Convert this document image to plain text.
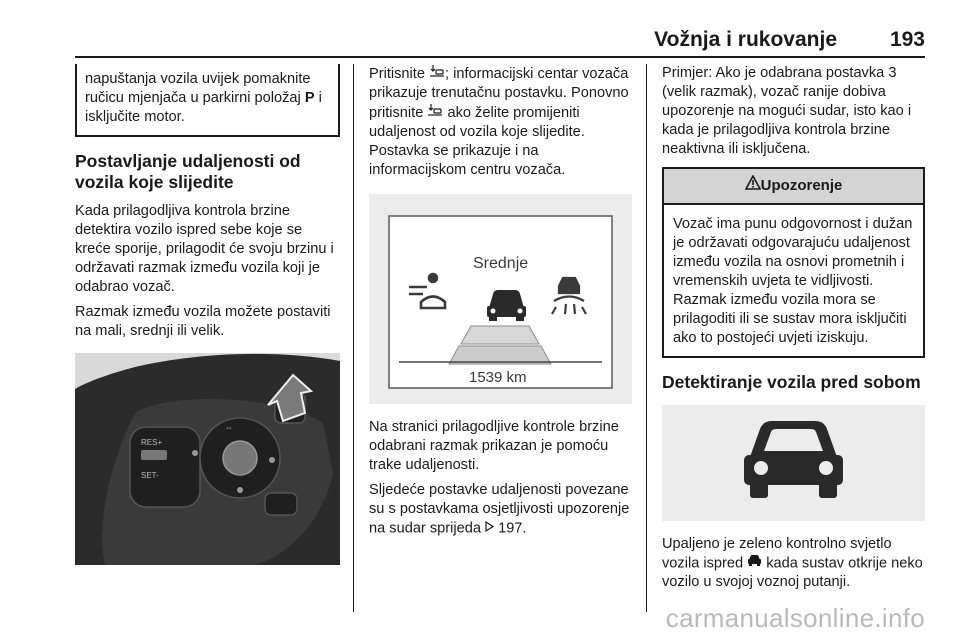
Vožnja i rukovanje	193
napuštanja vozila uvijek pomaknite ručicu mjenjača u parkirni položaj P i isključite motor.
Postavljanje udaljenosti od vozila koje slijedite

Kada prilagodljiva kontrola brzine detektira vozilo ispred sebe koje se kreće sporije, prilagodit će svoju brzinu i održavati razmak između vozila koji je odabrao vozač.

Razmak između vozila možete postaviti na mali, srednji ili velik.

RES+
SET-
⇔

Pritisnite ; informacijski centar vozača prikazuje trenutačnu postavku. Ponovno pritisnite  ako želite promijeniti udaljenost od vozila koje slijedite. Postavka se prikazuje i na informacijskom centru vozača.

Srednje
1539 km

Na stranici prilagodljive kontrole brzine odabrani razmak prikazan je pomoću trake udaljenosti.

Sljedeće postavke udaljenosti povezane su s postavkama osjetljivosti upozorenje na sudar sprijeda  197.

Primjer: Ako je odabrana postavka 3 (velik razmak), vozač ranije dobiva upozorenje na mogući sudar, isto kao i kada je prilagodljiva kontrola brzine neaktivna ili isključena.

Upozorenje
Vozač ima punu odgovornost i dužan je održavati odgovarajuću udaljenost između vozila na osnovi prometnih i vremenskih uvjeta te vidljivosti. Razmak između vozila mora se prilagoditi ili se sustav mora isključiti ako to postojeći uvjeti iziskuju.
Detektiranje vozila pred sobom

Upaljeno je zeleno kontrolno svjetlo vozila ispred  kada sustav otkrije neko vozilo u svojoj voznoj putanji.

carmanualsonline.info
